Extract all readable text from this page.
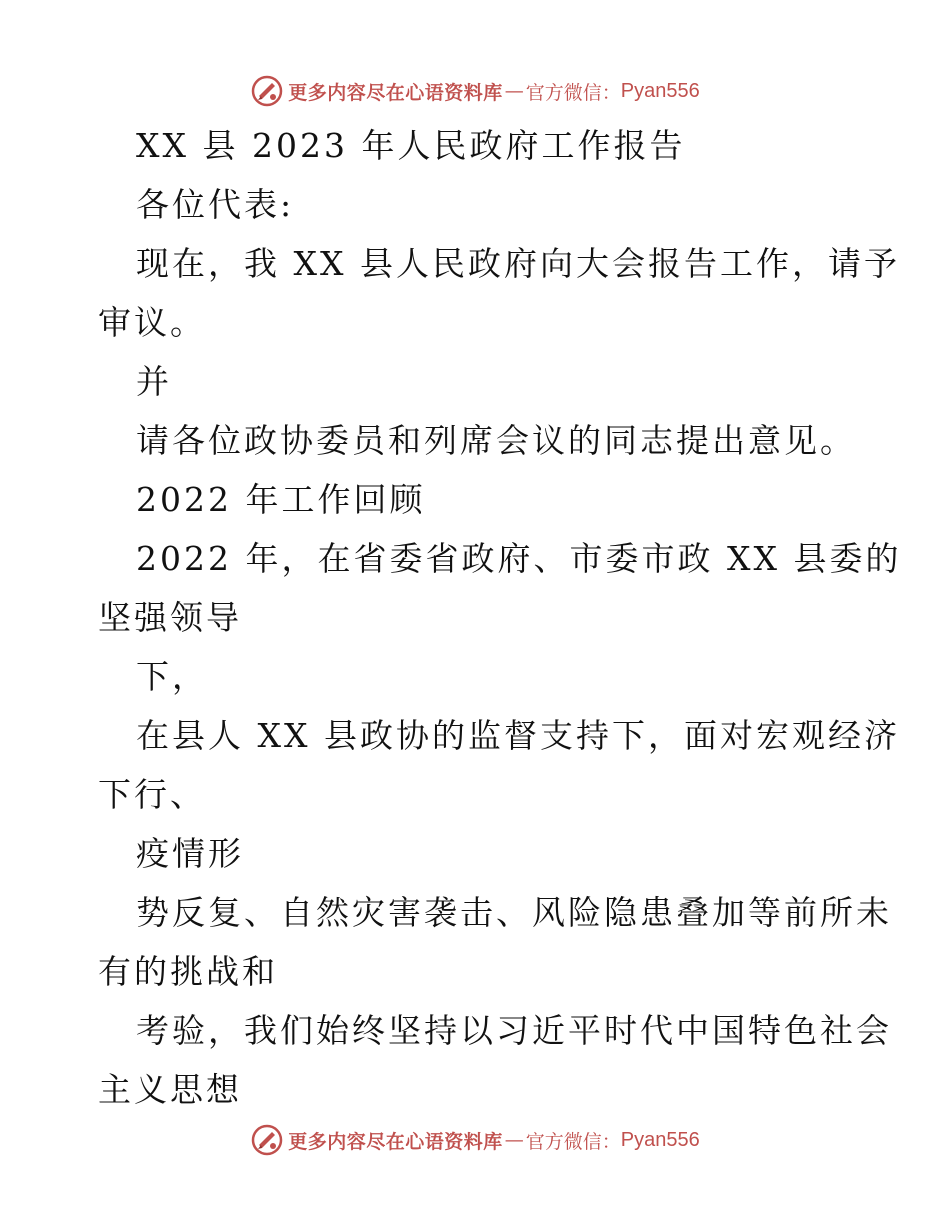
更多内容尽在心语资料库 — 官方微信： Pyan556
XX 县 2023 年人民政府工作报告
各位代表:
现在，我 XX 县人民政府向大会报告工作，请予
审议。
并
请各位政协委员和列席会议的同志提出意见。
2022 年工作回顾
2022 年，在省委省政府、市委市政 XX 县委的
坚强领导
下，
在县人 XX 县政协的监督支持下，面对宏观经济
下行、
疫情形
势反复、自然灾害袭击、风险隐患叠加等前所未
有的挑战和
考验，我们始终坚持以习近平时代中国特色社会
主义思想
更多内容尽在心语资料库 — 官方微信： Pyan556
